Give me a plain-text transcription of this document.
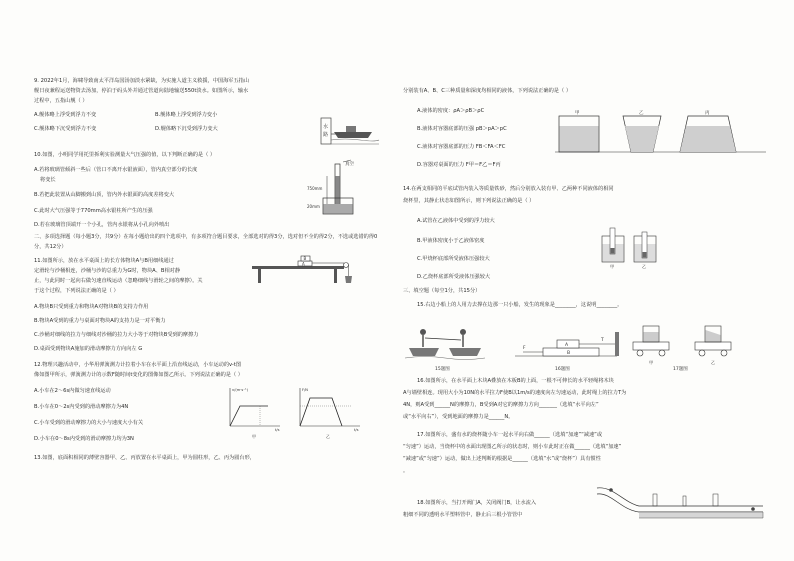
9. 2022年1月，海啸导致南太平洋岛国汤加淡水紧缺，为实施人道主义救援，中国海军五指山
舰日夜兼程运送物资去汤加，停泊于码头外并通过管道向陆地输送550t淡水。如图所示，输水
过程中，五指山舰（ ）
A.舰体略上浮受到浮力不变	B.舰体略上浮受到浮力变小
C.舰体略下沉受到浮力不变	D.舰体略下沉受到浮力变大	水
路
10.如图，小明同学用托里拆利实验测量大气压强的值，以下判断正确的是（ ）
A.若将玻璃管倾斜一些后（管口不离开水银液面），管内真空部分的长度
将变长
B.若把此装置从山脚搬到山顶，管内外水银面的高度差将变大
C.此时大气压强等于770mm高水银柱所产生的压强
D.若在玻璃管顶端开一个小孔，管内水银将从小孔向外喷出
真空
750mm
20mm
二、多项选择题（每小题3分，共9分）在每小题给出的四个选项中，有多项符合题目要求，全部选对的得3分，选对但不全的得2分，不选或选错的得0
分，共12分）
11.如图所示，放在水平桌面上的长方体物块A与B用细线通过
定滑轮与沙桶相连，沙桶与沙的总重力为G时，物块A、B相对静
止，与此同时一起向右做匀速直线运动（忽略细线与滑轮之间的摩擦）。关
于这个过程，下列说法正确的是（ ）
A.物块B只受到重力和物块A对物块B的支持力作用
B.物块A受到的重力与桌面对物块A的支持力是一对平衡力
C.沙桶对细线的拉力与细线对沙桶的拉力大小等于对物块B受到的摩擦力
D.桌面受到物块A施加的滑动摩擦力方向向左 G
B
A
12.物理兴趣活动中，小华用弹簧测力计拉着小车在水平面上沿直线运动，小车运动的v-t图
像如图甲所示，弹簧测力计的示数F随时间t变化的图像如图乙所示。下列说法正确的是（ ）
A.小车在2～6s内做匀速直线运动
B.小车在0～2s内受到的滑动摩擦力为4N
C.小车受到的滑动摩擦力的大小与速度大小有关
D.小车在0～8s内受到的滑动摩擦力均为3N
v/(m·s⁻¹)
t/s
甲
F/N
t/s
乙
13.如图，底面积相同的薄壁容器甲、乙、丙放置在水平桌面上，甲为圆柱形，乙、丙为圆台形，
分别装有A、B、C三种质量和深度均相同的液体，下列说法正确的是（ ）
A.液体的密度：ρA＞ρB＞ρC
B.液体对容器底部的压强 pB＞pA＞pC
C.液体对容器底部的压力 FB＜FA＜FC
D.容器对桌面的压力 F甲＝F乙＝F丙
甲	乙	丙
14.在两支相同的平底试管内装入等质量铁砂，然后分别放入装有甲、乙两种不同液体的相同
烧杯里，其静止状态如图所示，则下列说法正确的是（ ）
A.试管在乙液体中受到的浮力较大
B.甲液体密度小于乙液体密度
C.甲烧杯底部所受液体压强较大
D.乙烧杯底部所受液体压强较大
甲	乙
三、填空题（每空1分，共15分）
15.右边小船上的人用力去撑在边那一只小船，发生的现象是________，这说明________。
15题图
A
B
T
F
16题图
甲	乙
17题图
16.如图所示，在水平面上木块A叠放在木板B的上面，一根不可伸长的水平轻绳将木块
A与墙壁相连。现用大小为10N的水平拉力F使B以1m/s的速度向左匀速运动，此时绳上的拉力T为
4N，则A受到______N的摩擦力，B受到A对它的摩擦力方向_______（选填“水平向左”
或“水平向右”），受到地面的摩擦力是______N。
17.如图所示，盛有水的烧杯随小车一起水平向右做______（选填“加速”“减速”或
“匀速”）运动，当烧杯中的水面出现图乙所示的状态时，则小车此时正在做______（选填“加速”
“减速”或“匀速”）运动，做出上述判断的根据是______（选填“水”或“烧杯”）具有惯性
。
18.如图所示，当打开阀门A，关闭阀门B，让水流入
粗细不同的透明水平塑料管中，静止后三根小管管中
